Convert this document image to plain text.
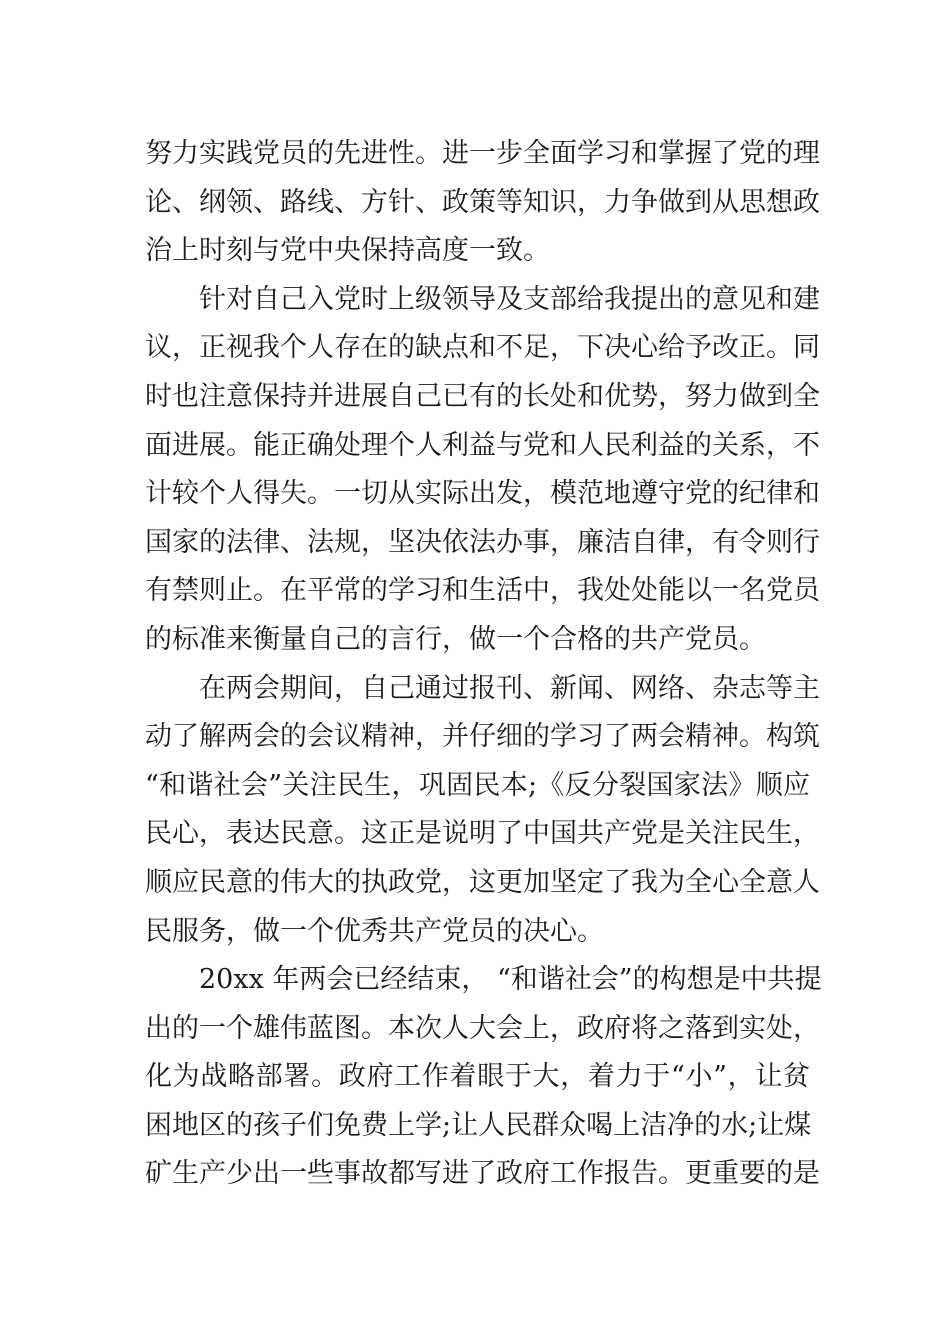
努力实践党员的先进性。进一步全面学习和掌握了党的理
论、纲领、路线、方针、政策等知识，力争做到从思想政
治上时刻与党中央保持高度一致。
针对自己入党时上级领导及支部给我提出的意见和建
议，正视我个人存在的缺点和不足，下决心给予改正。同
时也注意保持并进展自己已有的长处和优势，努力做到全
面进展。能正确处理个人利益与党和人民利益的关系，不
计较个人得失。一切从实际出发，模范地遵守党的纪律和
国家的法律、法规，坚决依法办事，廉洁自律，有令则行
有禁则止。在平常的学习和生活中，我处处能以一名党员
的标准来衡量自己的言行，做一个合格的共产党员。
在两会期间，自己通过报刊、新闻、网络、杂志等主
动了解两会的会议精神，并仔细的学习了两会精神。构筑
“和谐社会”关注民生，巩固民本;《反分裂国家法》顺应
民心，表达民意。这正是说明了中国共产党是关注民生，
顺应民意的伟大的执政党，这更加坚定了我为全心全意人
民服务，做一个优秀共产党员的决心。
20xx 年两会已经结束， “和谐社会”的构想是中共提
出的一个雄伟蓝图。本次人大会上，政府将之落到实处，
化为战略部署。政府工作着眼于大，着力于“小”，让贫
困地区的孩子们免费上学;让人民群众喝上洁净的水;让煤
矿生产少出一些事故都写进了政府工作报告。更重要的是
